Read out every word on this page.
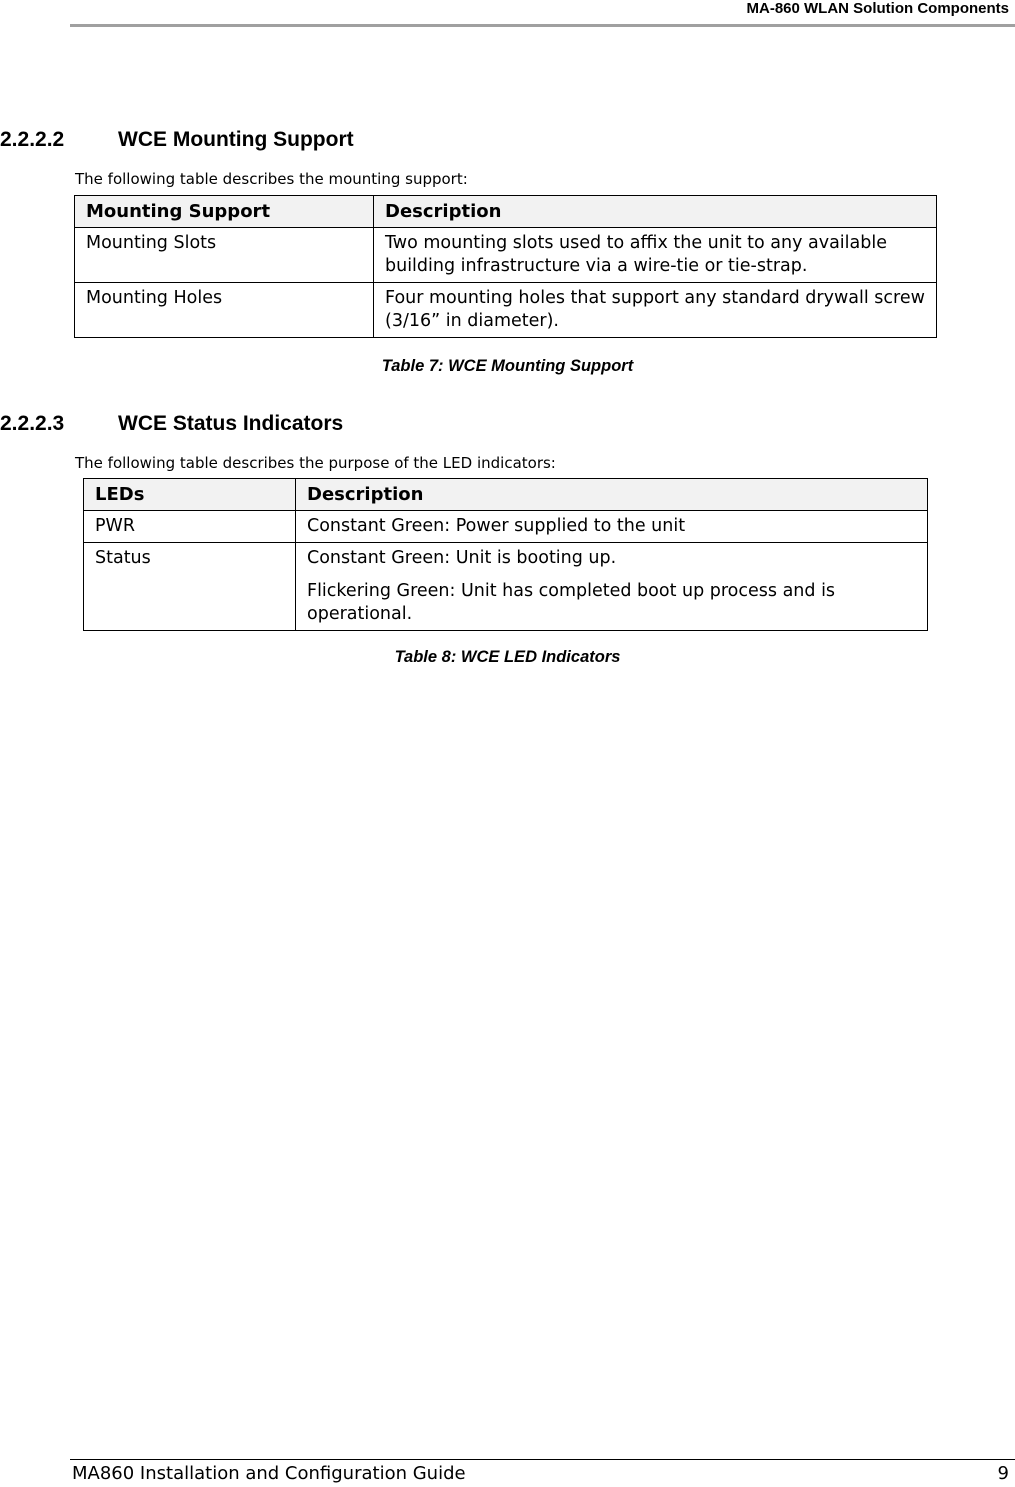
MA-860 WLAN Solution Components
2.2.2.2	WCE Mounting Support
The following table describes the mounting support:
Mounting Support	Description
Mounting Slots	Two mounting slots used to affix the unit to any available building infrastructure via a wire-tie or tie-strap.
Mounting Holes	Four mounting holes that support any standard drywall screw (3/16” in diameter).
Table 7: WCE Mounting Support
2.2.2.3	WCE Status Indicators
The following table describes the purpose of the LED indicators:
LEDs	Description
PWR	Constant Green: Power supplied to the unit

Status	Constant Green: Unit is booting up.

Flickering Green: Unit has completed boot up process and is operational.

Table 8: WCE LED Indicators
MA860 Installation and Configuration Guide	9
